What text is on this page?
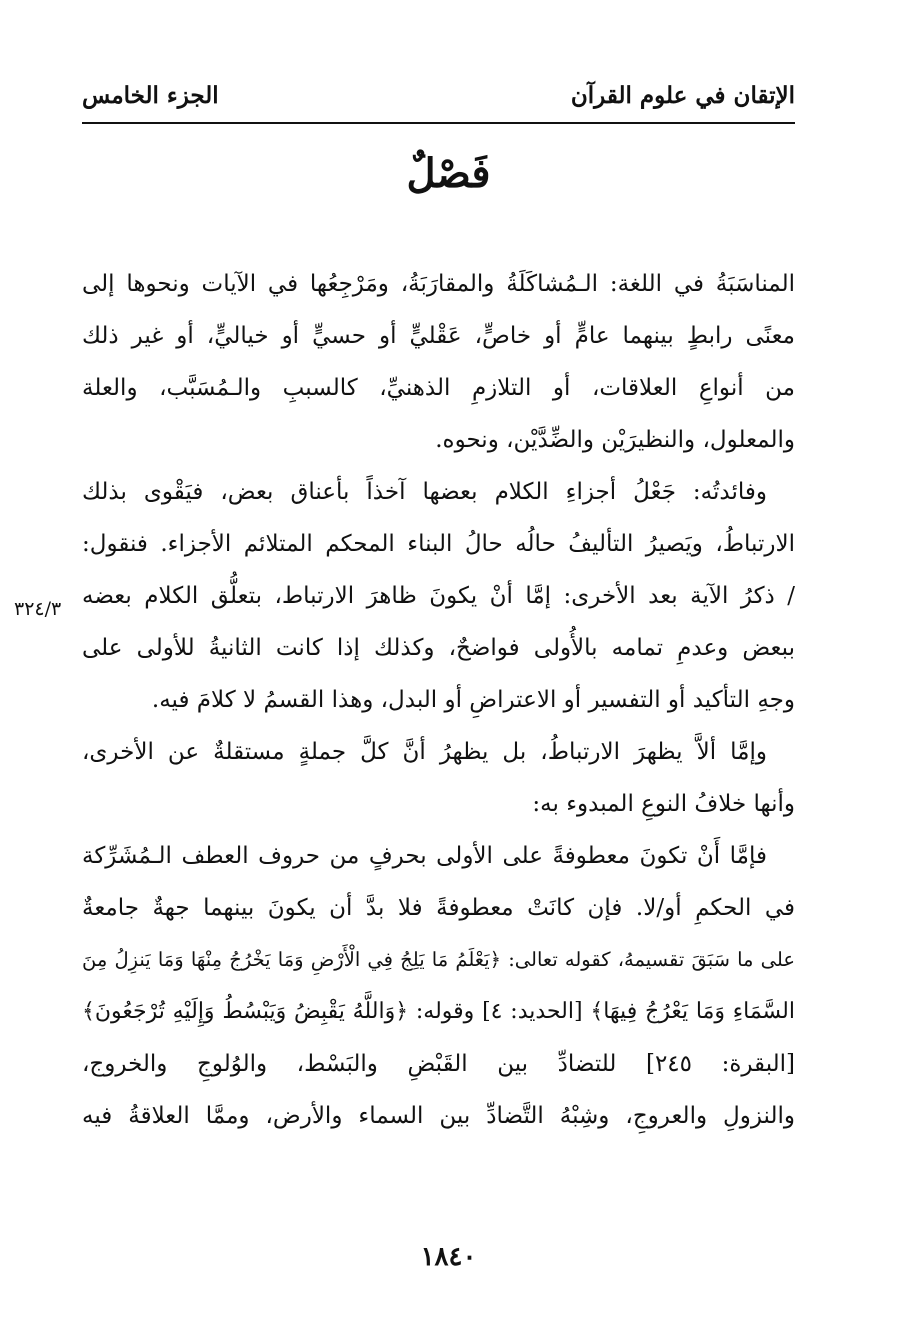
الإتقان في علوم القرآن
الجزء الخامس
فَصْلٌ
المناسَبَةُ في اللغة: الـمُشاكَلَةُ والمقارَبَةُ، ومَرْجِعُها في الآيات ونحوها إلى
معنًى رابطٍ بينهما عامٍّ أو خاصٍّ، عَقْليٍّ أو حسيٍّ أو خياليٍّ، أو غير ذلك
من أنواعِ العلاقات، أو التلازمِ الذهنيِّ، كالسببِ والـمُسَبَّب، والعلة
والمعلول، والنظيرَيْن والضِّدَّيْن، ونحوه.
وفائدتُه: جَعْلُ أجزاءِ الكلام بعضها آخذاً بأعناق بعض، فيَقْوى بذلك
الارتباطُ، ويَصيرُ التأليفُ حالُه حالُ البناء المحكم المتلائم الأجزاء. فنقول:
/ ذكرُ الآية بعد الأخرى: إمَّا أنْ يكونَ ظاهرَ الارتباط، بتعلُّق الكلام بعضه
ببعض وعدمِ تمامه بالأُولى فواضحٌ، وكذلك إذا كانت الثانيةُ للأولى على
وجهِ التأكيد أو التفسير أو الاعتراضِ أو البدل، وهذا القسمُ لا كلامَ فيه.
وإمَّا ألاَّ يظهرَ الارتباطُ، بل يظهرُ أنَّ كلَّ جملةٍ مستقلةٌ عن الأخرى،
وأنها خلافُ النوعِ المبدوء به:
فإمَّا أَنْ تكونَ معطوفةً على الأولى بحرفٍ من حروف العطف الـمُشَرِّكة
في الحكمِ أو/لا. فإن كانَتْ معطوفةً فلا بدَّ أن يكونَ بينهما جهةٌ جامعةٌ
على ما سَبَقَ تقسيمهُ، كقوله تعالى: ﴿يَعْلَمُ مَا يَلِجُ فِي الْأَرْضِ وَمَا يَخْرُجُ مِنْهَا وَمَا يَنزِلُ مِنَ
السَّمَاءِ وَمَا يَعْرُجُ فِيهَا﴾ [الحديد: ٤] وقوله: ﴿وَاللَّهُ يَقْبِضُ وَيَبْسُطُ وَإِلَيْهِ تُرْجَعُونَ﴾
[البقرة: ٢٤٥] للتضادِّ بين القَبْضِ والبَسْط، والوُلوجِ والخروج،
والنزولِ والعروجِ، وشِبْهُ التَّضادِّ بين السماء والأرض، وممَّا العلاقةُ فيه
٣٢٤/٣
١٨٤٠
